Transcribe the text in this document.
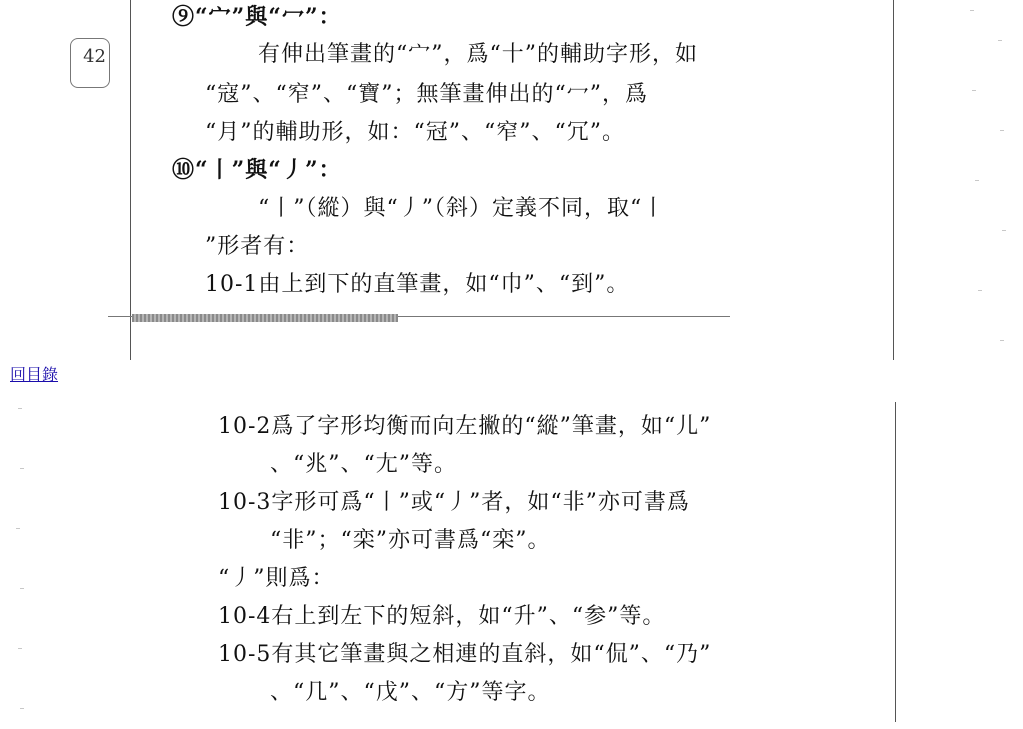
42
⑨“宀”與“冖”：
有伸出筆畫的“宀”，爲“十”的輔助字形，如
“寇”、“窄”、“寶”；無筆畫伸出的“冖”，爲
“月”的輔助形，如：“冠”、“窄”、“冗”。
⑩“丨”與“丿”：
“丨”（縱）與“丿”（斜）定義不同，取“丨
”形者有：
10-1由上到下的直筆畫，如“巾”、“到”。
回目錄
10-2爲了字形均衡而向左撇的“縱”筆畫，如“儿”
、“兆”、“尢”等。
10-3字形可爲“丨”或“丿”者，如“非”亦可書爲
“非”；“栾”亦可書爲“栾”。
“丿”則爲：
10-4右上到左下的短斜，如“升”、“参”等。
10-5有其它筆畫與之相連的直斜，如“侃”、“乃”
、“几”、“戊”、“方”等字。
